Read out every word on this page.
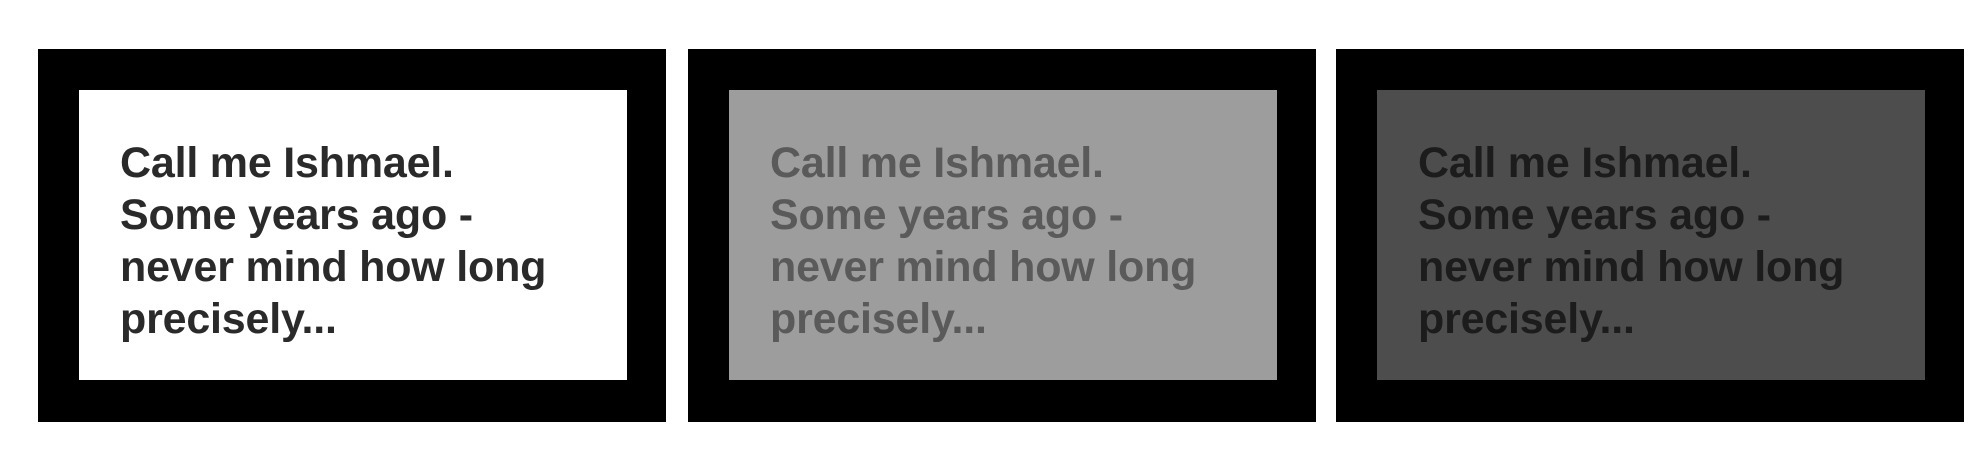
Call me Ishmael.
Some years ago -
never mind how long
precisely...
Call me Ishmael.
Some years ago -
never mind how long
precisely...
Call me Ishmael.
Some years ago -
never mind how long
precisely...
